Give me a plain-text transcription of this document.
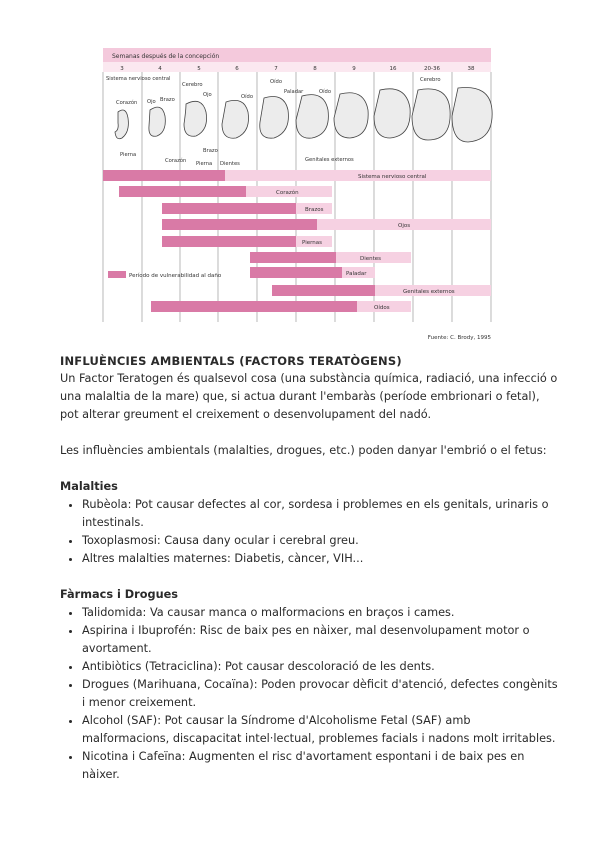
Semanas después de la concepción
3	4	5	6	7	8	9	16	20-36	38
Sistema nervioso central
Corazón Ojo Brazo
Cerebro
Ojo	Oído
Oído
Paladar	Oído
Cerebro
Pierna
Corazón
Brazo
Pierna Dientes
Genitales externos
Sistema nervioso central
Corazón
Brazos
Ojos
Piernas
Dientes
Paladar
Genitales externos
Oídos
Período de vulnerabilidad al daño
Fuente: C. Brody, 1995
INFLUÈNCIES AMBIENTALS (FACTORS TERATÒGENS)

Un Factor Teratogen és qualsevol cosa (una substància química, radiació, una infecció o una malaltia de la mare) que, si actua durant l'embaràs (període embrionari o fetal), pot alterar greument el creixement o desenvolupament del nadó.

Les influències ambientals (malalties, drogues, etc.) poden danyar l'embrió o el fetus:

Malalties

• Rubèola: Pot causar defectes al cor, sordesa i problemes en els genitals, urinaris o intestinals.
• Toxoplasmosi: Causa dany ocular i cerebral greu.
• Altres malalties maternes: Diabetis, càncer, VIH...

Fàrmacs i Drogues

• Talidomida: Va causar manca o malformacions en braços i cames.
• Aspirina i Ibuprofén: Risc de baix pes en nàixer, mal desenvolupament motor o avortament.
• Antibiòtics (Tetraciclina): Pot causar descoloració de les dents.
• Drogues (Marihuana, Cocaïna): Poden provocar dèficit d'atenció, defectes congènits i menor creixement.
• Alcohol (SAF): Pot causar la Síndrome d'Alcoholisme Fetal (SAF) amb malformacions, discapacitat intel·lectual, problemes facials i nadons molt irritables.
• Nicotina i Cafeïna: Augmenten el risc d'avortament espontani i de baix pes en nàixer.
